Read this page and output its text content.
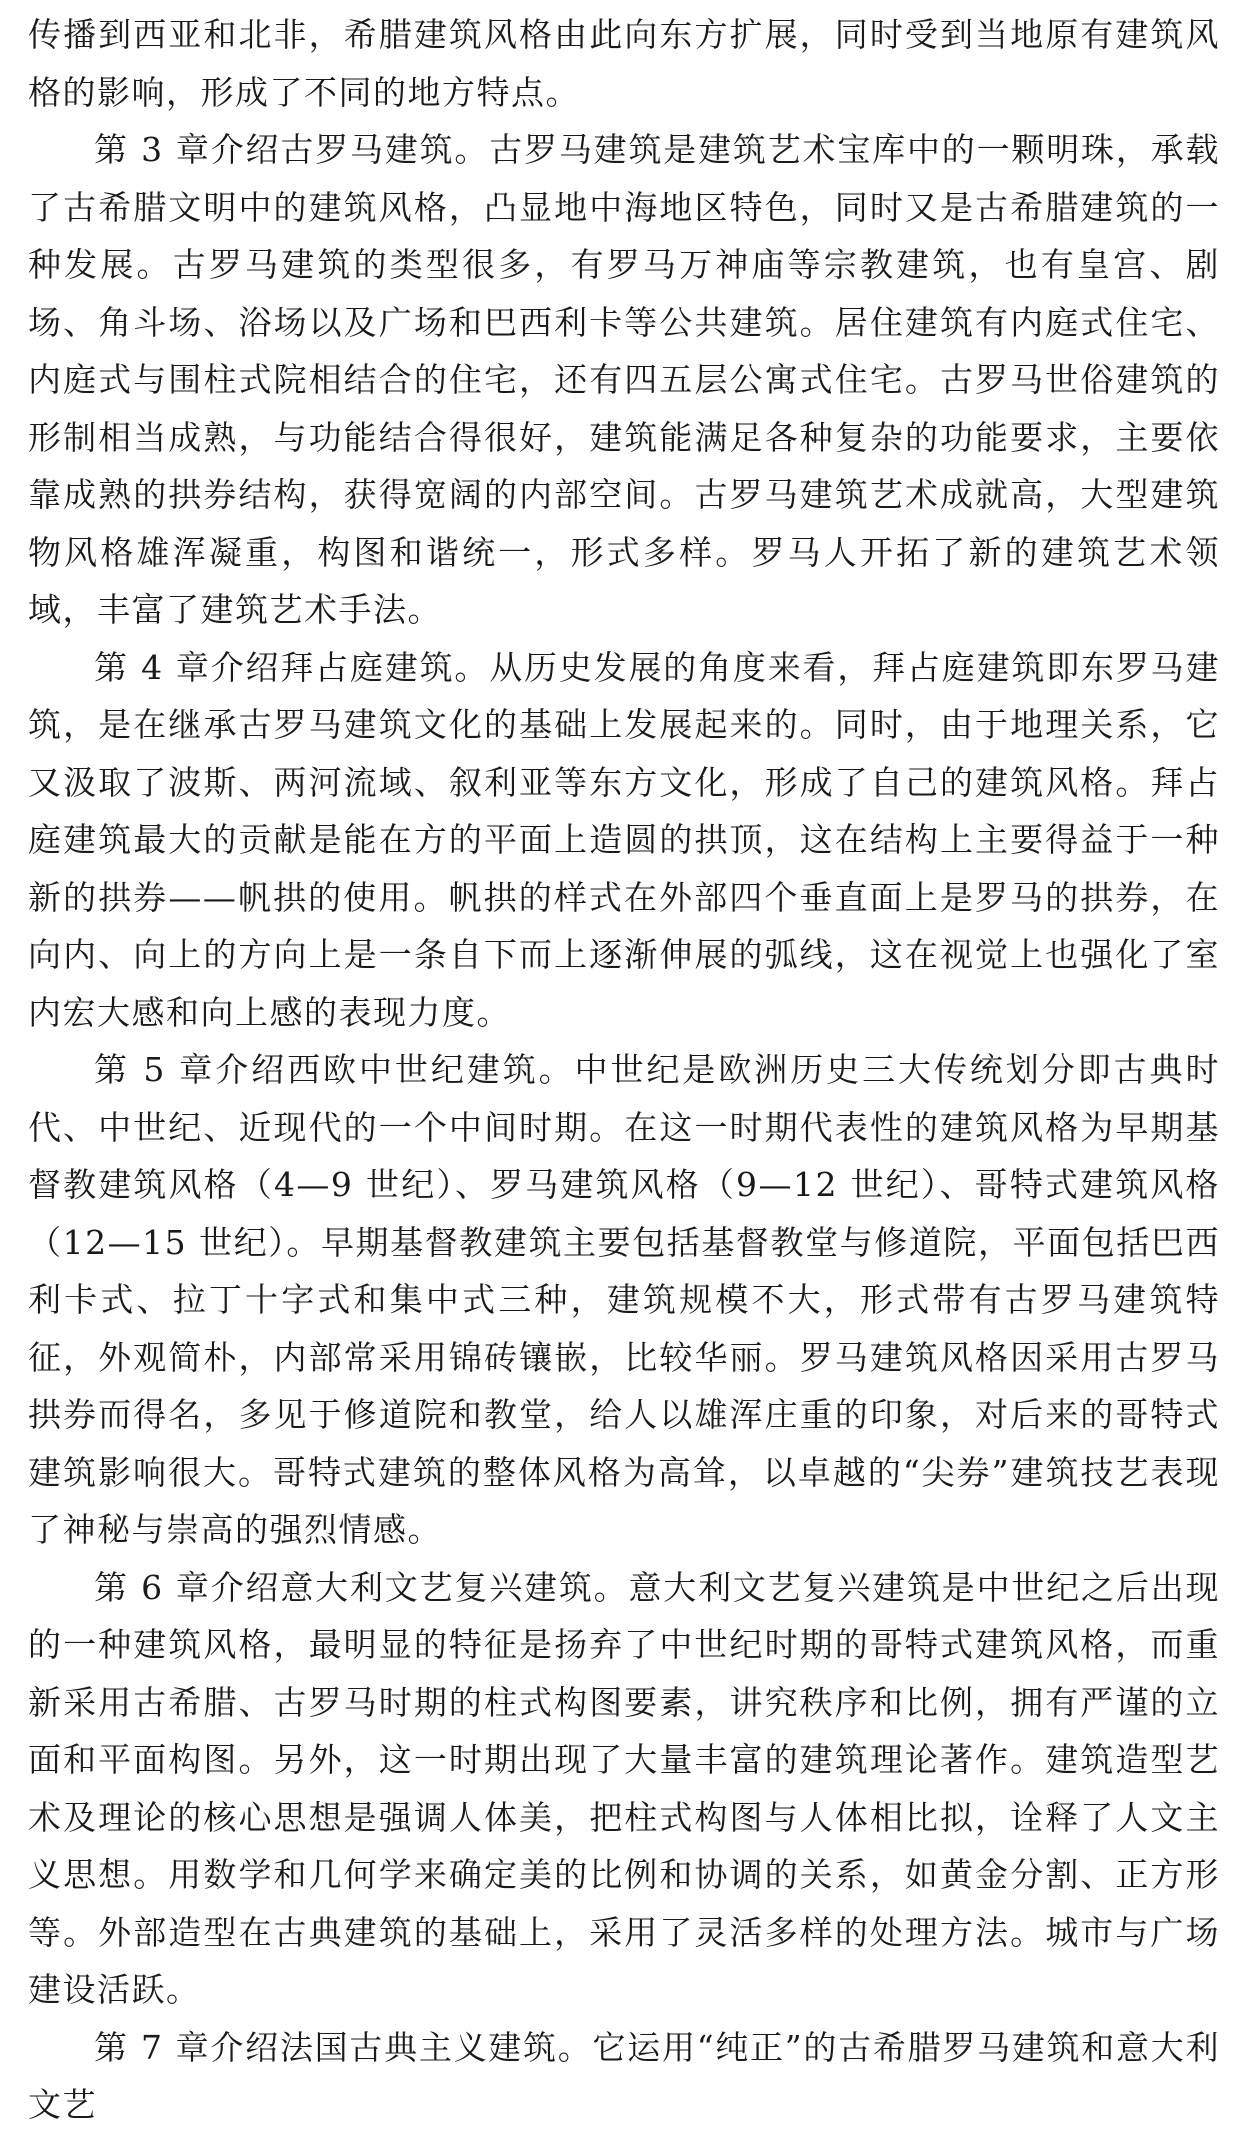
传播到西亚和北非，希腊建筑风格由此向东方扩展，同时受到当地原有建筑风格的影响，形成了不同的地方特点。

第 3 章介绍古罗马建筑。古罗马建筑是建筑艺术宝库中的一颗明珠，承载了古希腊文明中的建筑风格，凸显地中海地区特色，同时又是古希腊建筑的一种发展。古罗马建筑的类型很多，有罗马万神庙等宗教建筑，也有皇宫、剧场、角斗场、浴场以及广场和巴西利卡等公共建筑。居住建筑有内庭式住宅、内庭式与围柱式院相结合的住宅，还有四五层公寓式住宅。古罗马世俗建筑的形制相当成熟，与功能结合得很好，建筑能满足各种复杂的功能要求，主要依靠成熟的拱券结构，获得宽阔的内部空间。古罗马建筑艺术成就高，大型建筑物风格雄浑凝重，构图和谐统一，形式多样。罗马人开拓了新的建筑艺术领域，丰富了建筑艺术手法。

第 4 章介绍拜占庭建筑。从历史发展的角度来看，拜占庭建筑即东罗马建筑，是在继承古罗马建筑文化的基础上发展起来的。同时，由于地理关系，它又汲取了波斯、两河流域、叙利亚等东方文化，形成了自己的建筑风格。拜占庭建筑最大的贡献是能在方的平面上造圆的拱顶，这在结构上主要得益于一种新的拱券——帆拱的使用。帆拱的样式在外部四个垂直面上是罗马的拱券，在向内、向上的方向上是一条自下而上逐渐伸展的弧线，这在视觉上也强化了室内宏大感和向上感的表现力度。

第 5 章介绍西欧中世纪建筑。中世纪是欧洲历史三大传统划分即古典时代、中世纪、近现代的一个中间时期。在这一时期代表性的建筑风格为早期基督教建筑风格（4—9 世纪）、罗马建筑风格（9—12 世纪）、哥特式建筑风格（12—15 世纪）。早期基督教建筑主要包括基督教堂与修道院，平面包括巴西利卡式、拉丁十字式和集中式三种，建筑规模不大，形式带有古罗马建筑特征，外观简朴，内部常采用锦砖镶嵌，比较华丽。罗马建筑风格因采用古罗马拱券而得名，多见于修道院和教堂，给人以雄浑庄重的印象，对后来的哥特式建筑影响很大。哥特式建筑的整体风格为高耸，以卓越的“尖券”建筑技艺表现了神秘与崇高的强烈情感。

第 6 章介绍意大利文艺复兴建筑。意大利文艺复兴建筑是中世纪之后出现的一种建筑风格，最明显的特征是扬弃了中世纪时期的哥特式建筑风格，而重新采用古希腊、古罗马时期的柱式构图要素，讲究秩序和比例，拥有严谨的立面和平面构图。另外，这一时期出现了大量丰富的建筑理论著作。建筑造型艺术及理论的核心思想是强调人体美，把柱式构图与人体相比拟，诠释了人文主义思想。用数学和几何学来确定美的比例和协调的关系，如黄金分割、正方形等。外部造型在古典建筑的基础上，采用了灵活多样的处理方法。城市与广场建设活跃。

第 7 章介绍法国古典主义建筑。它运用“纯正”的古希腊罗马建筑和意大利文艺
